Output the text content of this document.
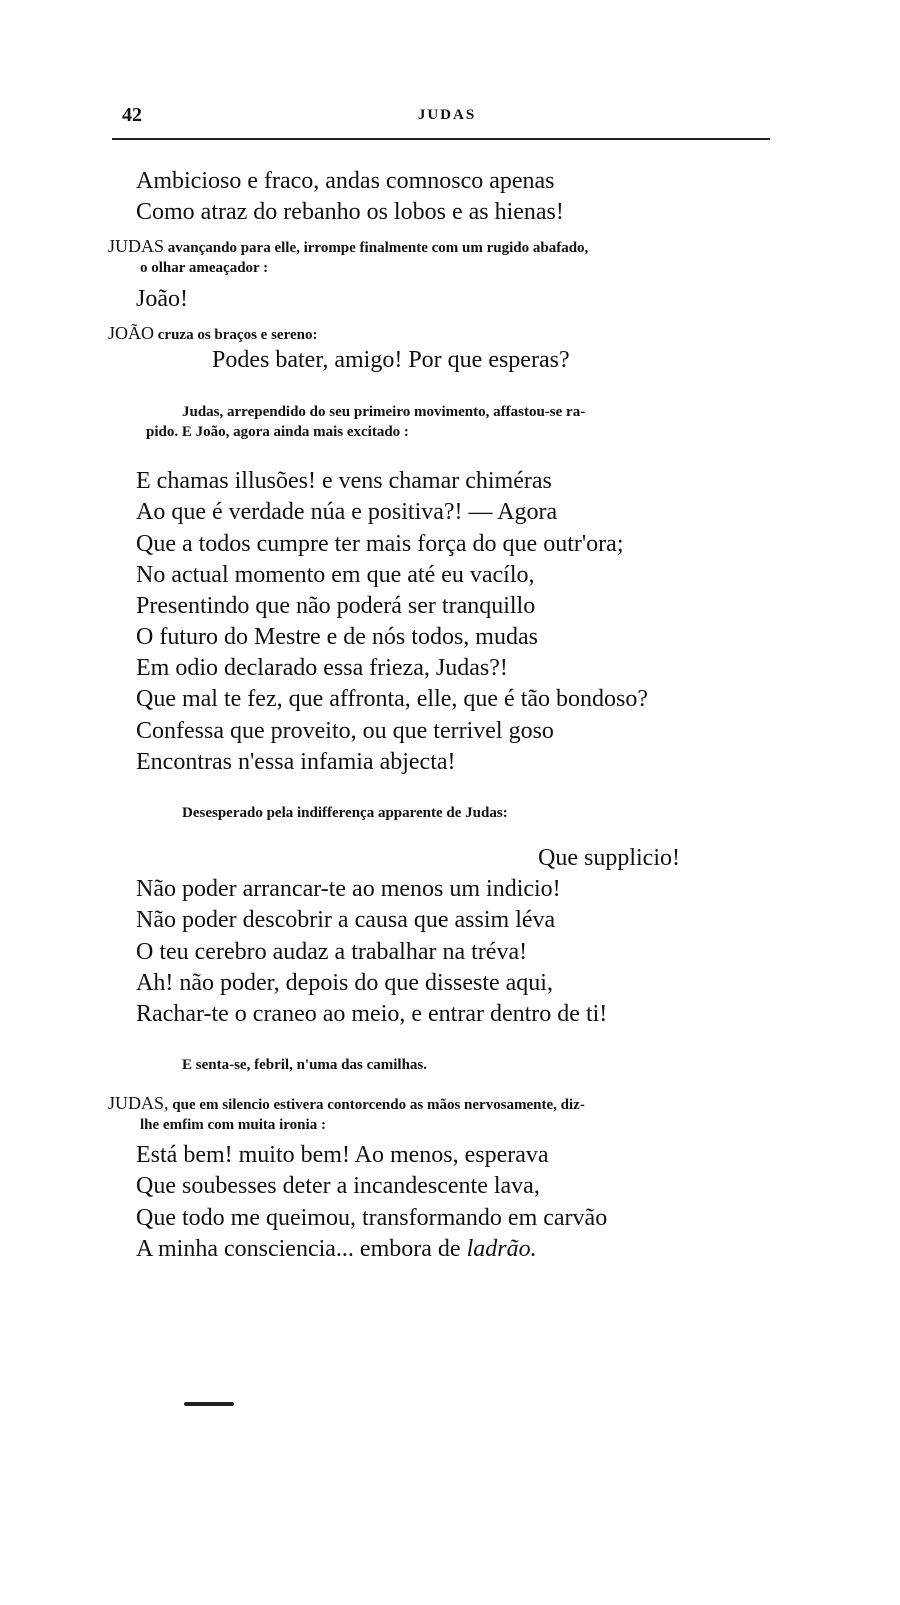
42	JUDAS
Ambicioso e fraco, andas comnosco apenas
Como atraz do rebanho os lobos e as hienas!
JUDAS avançando para elle, irrompe finalmente com um rugido abafado,
o olhar ameaçador :
João!
JOÃO cruza os braços e sereno:
Podes bater, amigo! Por que esperas?
Judas, arrependido do seu primeiro movimento, affastou-se ra-
pido. E João, agora ainda mais excitado :
E chamas illusões! e vens chamar chiméras
Ao que é verdade núa e positiva?! — Agora
Que a todos cumpre ter mais força do que outr'ora;
No actual momento em que até eu vacílo,
Presentindo que não poderá ser tranquillo
O futuro do Mestre e de nós todos, mudas
Em odio declarado essa frieza, Judas?!
Que mal te fez, que affronta, elle, que é tão bondoso?
Confessa que proveito, ou que terrivel goso
Encontras n'essa infamia abjecta!
Desesperado pela indifferença apparente de Judas:
Que supplicio!
Não poder arrancar-te ao menos um indicio!
Não poder descobrir a causa que assim léva
O teu cerebro audaz a trabalhar na tréva!
Ah! não poder, depois do que disseste aqui,
Rachar-te o craneo ao meio, e entrar dentro de ti!
E senta-se, febril, n'uma das camilhas.
JUDAS, que em silencio estivera contorcendo as mãos nervosamente, diz-
lhe emfim com muita ironia :
Está bem! muito bem! Ao menos, esperava
Que soubesses deter a incandescente lava,
Que todo me queimou, transformando em carvão
A minha consciencia... embora de ladrão.
